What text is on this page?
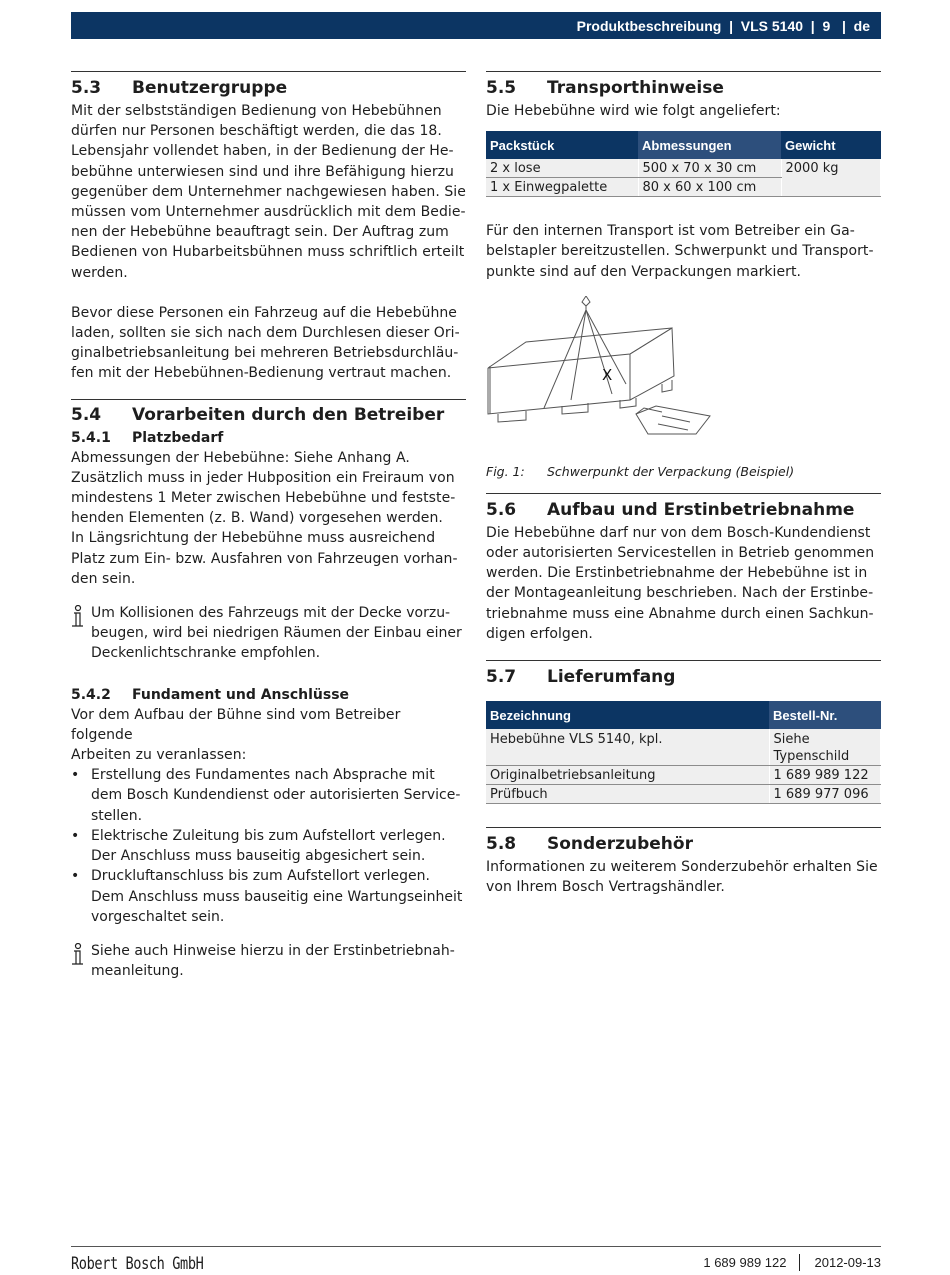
Produktbeschreibung  |  VLS 5140  |  9   |  de
5.3	Benutzergruppe

Mit der selbstständigen Bedienung von Hebebühnen
dürfen nur Personen beschäftigt werden, die das 18.
Lebensjahr vollendet haben, in der Bedienung der He-
bebühne unterwiesen sind und ihre Befähigung hierzu
gegenüber dem Unternehmer nachgewiesen haben. Sie
müssen vom Unternehmer ausdrücklich mit dem Bedie-
nen der Hebebühne beauftragt sein. Der Auftrag zum
Bedienen von Hubarbeitsbühnen muss schriftlich erteilt
werden.

Bevor diese Personen ein Fahrzeug auf die Hebebühne
laden, sollten sie sich nach dem Durchlesen dieser Ori-
ginalbetriebsanleitung bei mehreren Betriebsdurchläu-
fen mit der Hebebühnen-Bedienung vertraut machen.

5.4	Vorarbeiten durch den Betreiber
5.4.1	Platzbedarf

Abmessungen der Hebebühne: Siehe Anhang A.
Zusätzlich muss in jeder Hubposition ein Freiraum von
mindestens 1 Meter zwischen Hebebühne und festste-
henden Elementen (z. B. Wand) vorgesehen werden.
In Längsrichtung der Hebebühne muss ausreichend
Platz zum Ein- bzw. Ausfahren von Fahrzeugen vorhan-
den sein.

Um Kollisionen des Fahrzeugs mit der Decke vorzu-
beugen, wird bei niedrigen Räumen der Einbau einer
Deckenlichtschranke empfohlen.

5.4.2	Fundament und Anschlüsse

Vor dem Aufbau der Bühne sind vom Betreiber folgende
Arbeiten zu veranlassen:

• Erstellung des Fundamentes nach Absprache mit
dem Bosch Kundendienst oder autorisierten Service-
stellen.
• Elektrische Zuleitung bis zum Aufstellort verlegen.
Der Anschluss muss bauseitig abgesichert sein.
• Druckluftanschluss bis zum Aufstellort verlegen.
Dem Anschluss muss bauseitig eine Wartungseinheit
vorgeschaltet sein.

Siehe auch Hinweise hierzu in der Erstinbetriebnah-
meanleitung.

5.5	Transporthinweise

Die Hebebühne wird wie folgt angeliefert:

Packstück	Abmessungen	Gewicht
2 x lose	500 x 70 x 30 cm	2000 kg
1 x Einwegpalette	80 x 60 x 100 cm	

Für den internen Transport ist vom Betreiber ein Ga-
belstapler bereitzustellen. Schwerpunkt und Transport-
punkte sind auf den Verpackungen markiert.

X
Fig. 1:	Schwerpunkt der Verpackung (Beispiel)
5.6	Aufbau und Erstinbetriebnahme

Die Hebebühne darf nur von dem Bosch-Kundendienst
oder autorisierten Servicestellen in Betrieb genommen
werden. Die Erstinbetriebnahme der Hebebühne ist in
der Montageanleitung beschrieben. Nach der Erstinbe-
triebnahme muss eine Abnahme durch einen Sachkun-
digen erfolgen.

5.7	Lieferumfang
Bezeichnung	Bestell-Nr.
Hebebühne VLS 5140, kpl.	Siehe
Typenschild
Originalbetriebsanleitung	1 689 989 122
Prüfbuch	1 689 977 096
5.8	Sonderzubehör

Informationen zu weiterem Sonderzubehör erhalten Sie
von Ihrem Bosch Vertragshändler.

Robert Bosch GmbH	1 689 989 122 2012-09-13
